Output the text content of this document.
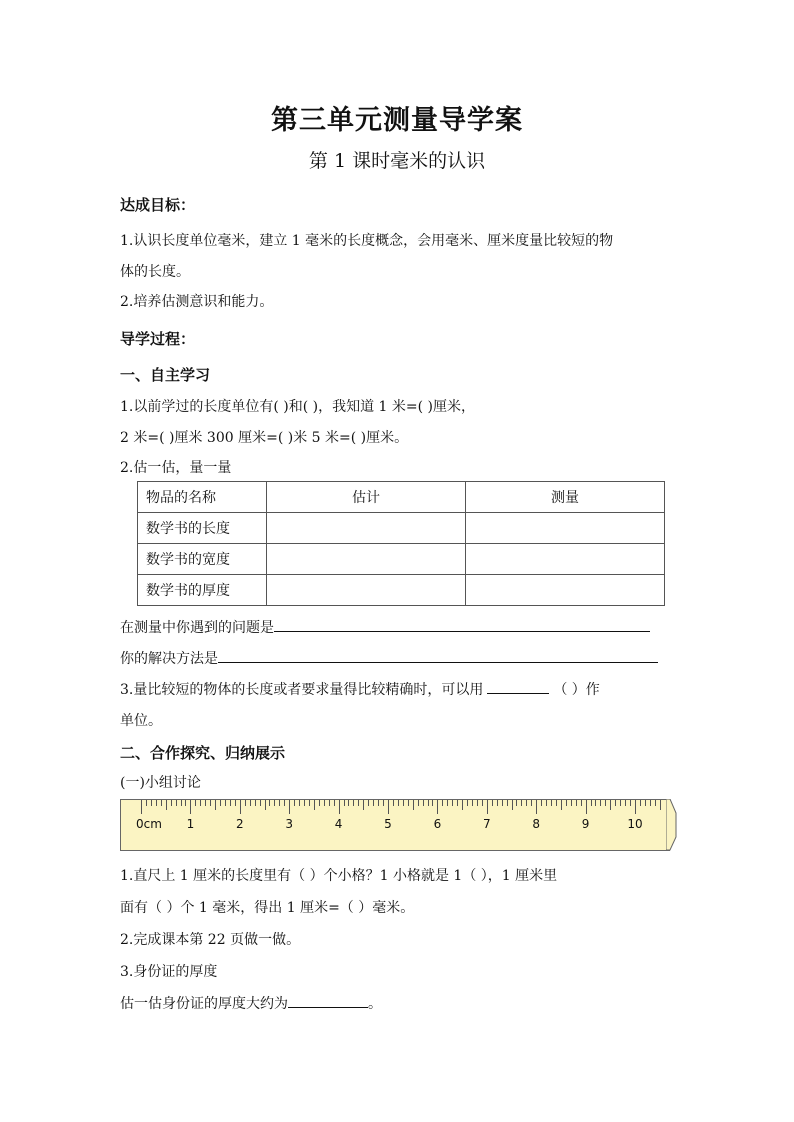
第三单元测量导学案
第 1 课时毫米的认识
达成目标：
1.认识长度单位毫米，建立 1 毫米的长度概念，会用毫米、厘米度量比较短的物
体的长度。
2.培养估测意识和能力。
导学过程：
一、自主学习
1.以前学过的长度单位有( )和( )，我知道 1 米=( )厘米，
2 米=( )厘米 300 厘米=( )米 5 米=( )厘米。
2.估一估，量一量
物品的名称	估计	测量
数学书的长度		
数学书的宽度		
数学书的厚度		
在测量中你遇到的问题是
你的解决方法是
3.量比较短的物体的长度或者要求量得比较精确时，可以用	（ ）作
单位。
二、合作探究、归纳展示
(一)小组讨论
0cm 1	2	3	4	5	6	7	8	9	10
1.直尺上 1 厘米的长度里有（ ）个小格？1 小格就是 1（ ），1 厘米里
面有（ ）个 1 毫米，得出 1 厘米=（ ）毫米。
2.完成课本第 22 页做一做。
3.身份证的厚度
估一估身份证的厚度大约为	。
